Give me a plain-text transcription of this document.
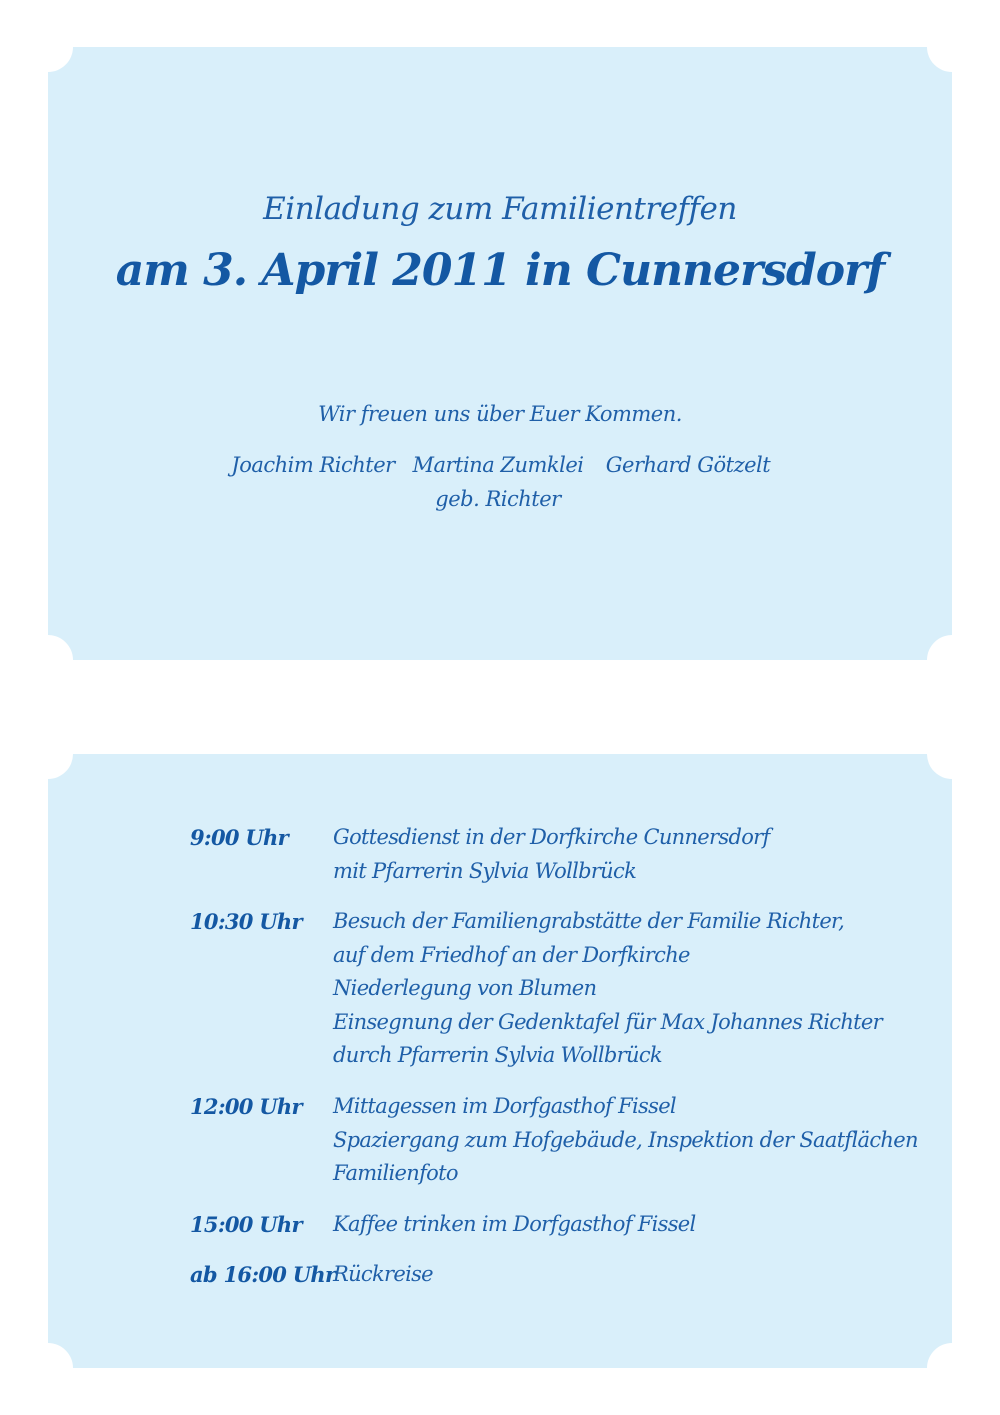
Einladung zum Familientreffen
am 3. April 2011 in Cunnersdorf
Wir freuen uns über Euer Kommen.
Joachim Richter Martina Zumklei
geb. Richter
Gerhard Götzelt
9:00 Uhr Gottesdienst in der Dorfkirche Cunnersdorf
mit Pfarrerin Sylvia Wollbrück
10:30 Uhr Besuch der Familiengrabstätte der Familie Richter,
auf dem Friedhof an der Dorfkirche
Niederlegung von Blumen
Einsegnung der Gedenktafel für Max Johannes Richter
durch Pfarrerin Sylvia Wollbrück
12:00 Uhr Mittagessen im Dorfgasthof Fissel
Spaziergang zum Hofgebäude, Inspektion der Saatflächen
Familienfoto
15:00 Uhr Kaffee trinken im Dorfgasthof Fissel
ab 16:00 Uhr
Rückreise
